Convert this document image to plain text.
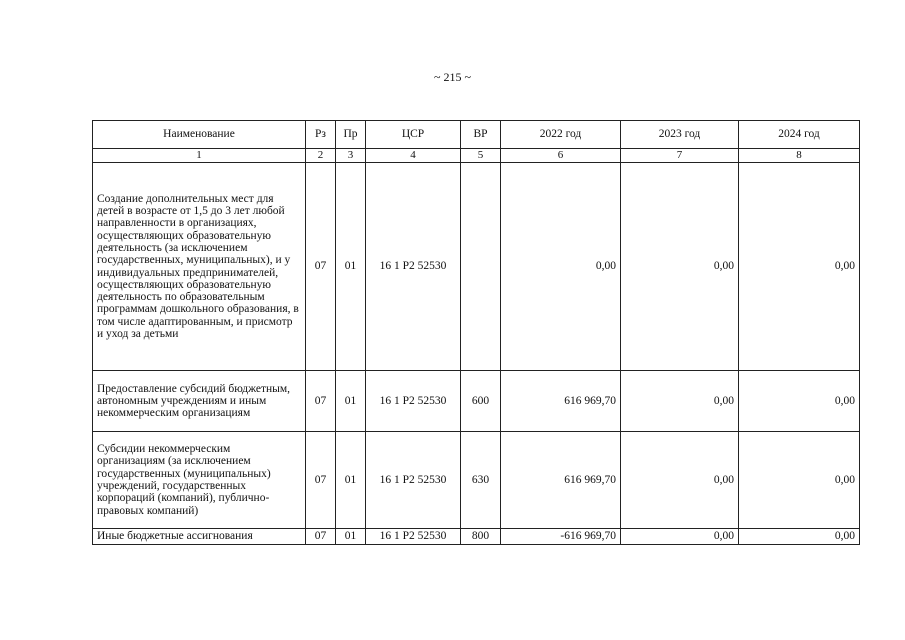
~ 215 ~
Наименование	Рз	Пр	ЦСР	ВР	2022 год	2023 год	2024 год
1	2	3	4	5	6	7	8
Создание дополнительных мест для детей в возрасте от 1,5 до 3 лет любой направленности в организациях, осуществляющих образовательную деятельность (за исключением государственных, муниципальных), и у индивидуальных предпринимателей, осуществляющих образовательную деятельность по образовательным программам дошкольного образования, в том числе адаптированным, и присмотр и уход за детьми	07	01	16 1 P2 52530		0,00	0,00	0,00
Предоставление субсидий бюджетным, автономным учреждениям и иным некоммерческим организациям	07	01	16 1 P2 52530	600	616 969,70	0,00	0,00
Субсидии некоммерческим организациям (за исключением государственных (муниципальных) учреждений, государственных корпораций (компаний), публично-правовых компаний)	07	01	16 1 P2 52530	630	616 969,70	0,00	0,00
Иные бюджетные ассигнования	07	01	16 1 P2 52530	800	-616 969,70	0,00	0,00
